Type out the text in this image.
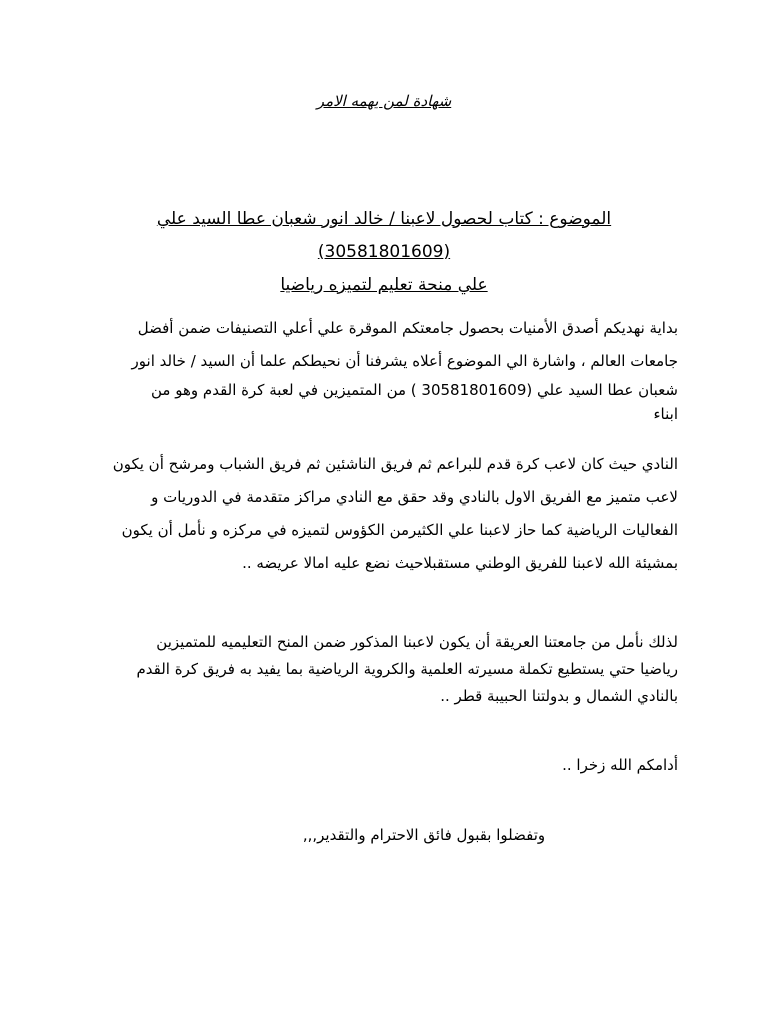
شهادة لمن يهمه الامر
الموضوع : كتاب لحصول لاعبنا / خالد انور شعبان عطا السيد علي (30581801609)
علي منحة تعليم لتميزه رياضيا
بداية نهديكم أصدق الأمنيات بحصول جامعتكم الموقرة علي أعلي التصنيفات ضمن أفضل
جامعات العالم ، واشارة الي الموضوع أعلاه يشرفنا أن نحيطكم علما أن السيد / خالد انور
شعبان عطا السيد علي (30581801609 ) من المتميزين في لعبة كرة القدم وهو من
ابناء
النادي حيث كان لاعب كرة قدم للبراعم ثم فريق الناشئين ثم فريق الشباب ومرشح أن يكون
لاعب متميز مع الفريق الاول بالنادي وقد حقق مع النادي مراكز متقدمة في الدوريات و
الفعاليات الرياضية كما حاز لاعبنا علي الكثيرمن الكؤوس لتميزه في مركزه و نأمل أن يكون
بمشيئة الله لاعبنا للفريق الوطني مستقبلاحيث نضع عليه امالا عريضه ..
لذلك نأمل من جامعتنا العريقة أن يكون لاعبنا المذكور ضمن المنح التعليميه للمتميزين
رياضيا حتي يستطيع تكملة مسيرته العلمية والكروية الرياضية بما يفيد به فريق كرة القدم
بالنادي الشمال و بدولتنا الحبيبة قطر ..
أدامكم الله زخرا ..
وتفضلوا بقبول فائق الاحترام والتقدير,,,
